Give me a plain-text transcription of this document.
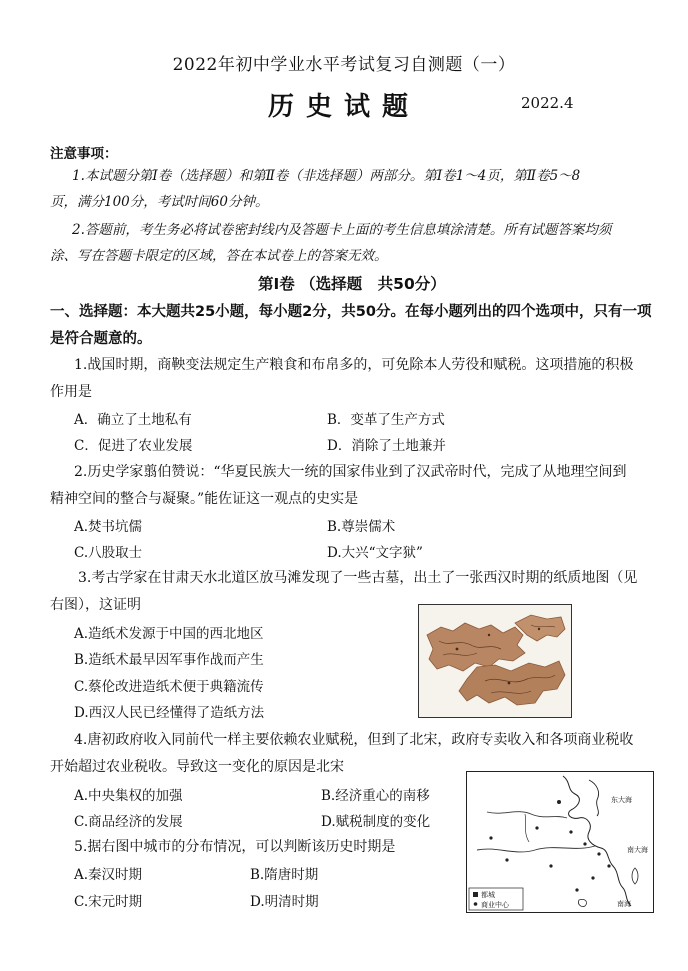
2022年初中学业水平考试复习自测题（一）
历史试题	2022.4
注意事项：
1.本试题分第Ⅰ卷（选择题）和第Ⅱ卷（非选择题）两部分。第Ⅰ卷1～4页，第Ⅱ卷5～8
页，满分100分，考试时间60分钟。
2.答题前，考生务必将试卷密封线内及答题卡上面的考生信息填涂清楚。所有试题答案均须
涂、写在答题卡限定的区域，答在本试卷上的答案无效。
第Ⅰ卷 （选择题　共50分）
一、选择题：本大题共25小题，每小题2分，共50分。在每小题列出的四个选项中，只有一项
是符合题意的。
1.战国时期，商鞅变法规定生产粮食和布帛多的，可免除本人劳役和赋税。这项措施的积极
作用是
A．确立了土地私有	B．变革了生产方式
C．促进了农业发展	D．消除了土地兼并
2.历史学家翦伯赞说：“华夏民族大一统的国家伟业到了汉武帝时代，完成了从地理空间到
精神空间的整合与凝聚。”能佐证这一观点的史实是
A.焚书坑儒	B.尊崇儒术
C.八股取士	D.大兴“文字狱”
3.考古学家在甘肃天水北道区放马滩发现了一些古墓，出土了一张西汉时期的纸质地图（见
右图），这证明
A.造纸术发源于中国的西北地区
B.造纸术最早因军事作战而产生
C.蔡伦改进造纸术便于典籍流传
D.西汉人民已经懂得了造纸方法
4.唐初政府收入同前代一样主要依赖农业赋税，但到了北宋，政府专卖收入和各项商业税收
开始超过农业税收。导致这一变化的原因是北宋
A.中央集权的加强	B.经济重心的南移
C.商品经济的发展	D.赋税制度的变化
5.据右图中城市的分布情况，可以判断该历史时期是
A.秦汉时期	B.隋唐时期
C.宋元时期	D.明清时期
东大海
南大海
南海
都城
商业中心
